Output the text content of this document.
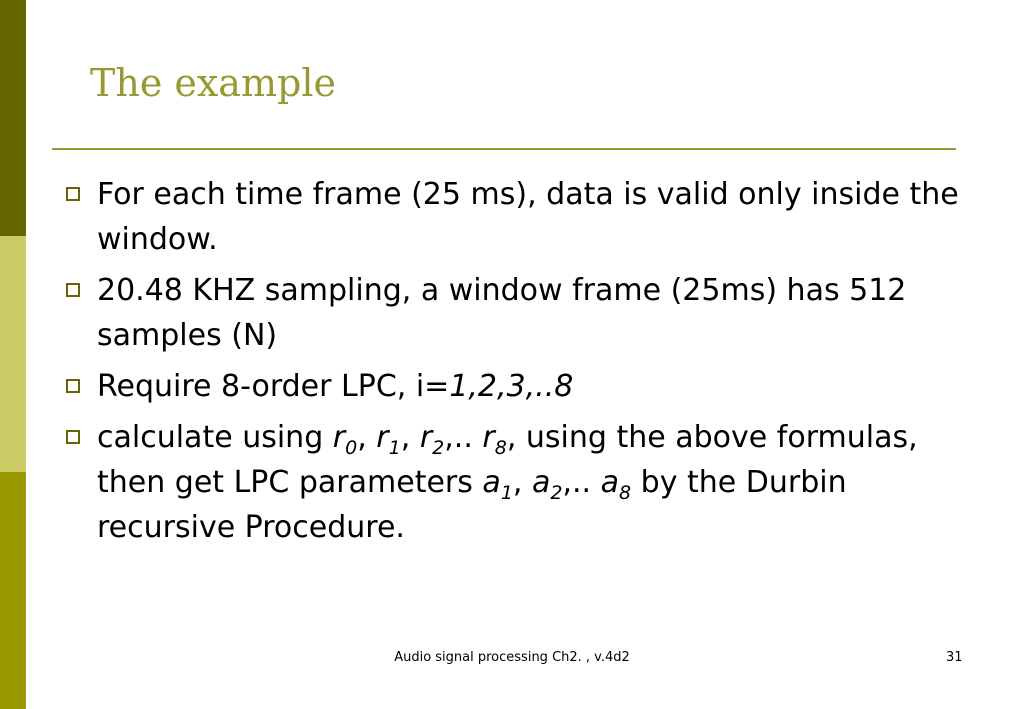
The example
For each time frame (25 ms), data is valid only inside the window.
20.48 KHZ sampling, a window frame (25ms) has 512 samples (N)
Require 8-order LPC, i=1,2,3,..8
calculate using $r_0$, $r_1$, $r_2$,.. $r_8$, using the above formulas, then get LPC parameters $a_1$, $a_2$,.. $a_8$ by the Durbin recursive Procedure.
Audio signal processing Ch2. , v.4d2	31
